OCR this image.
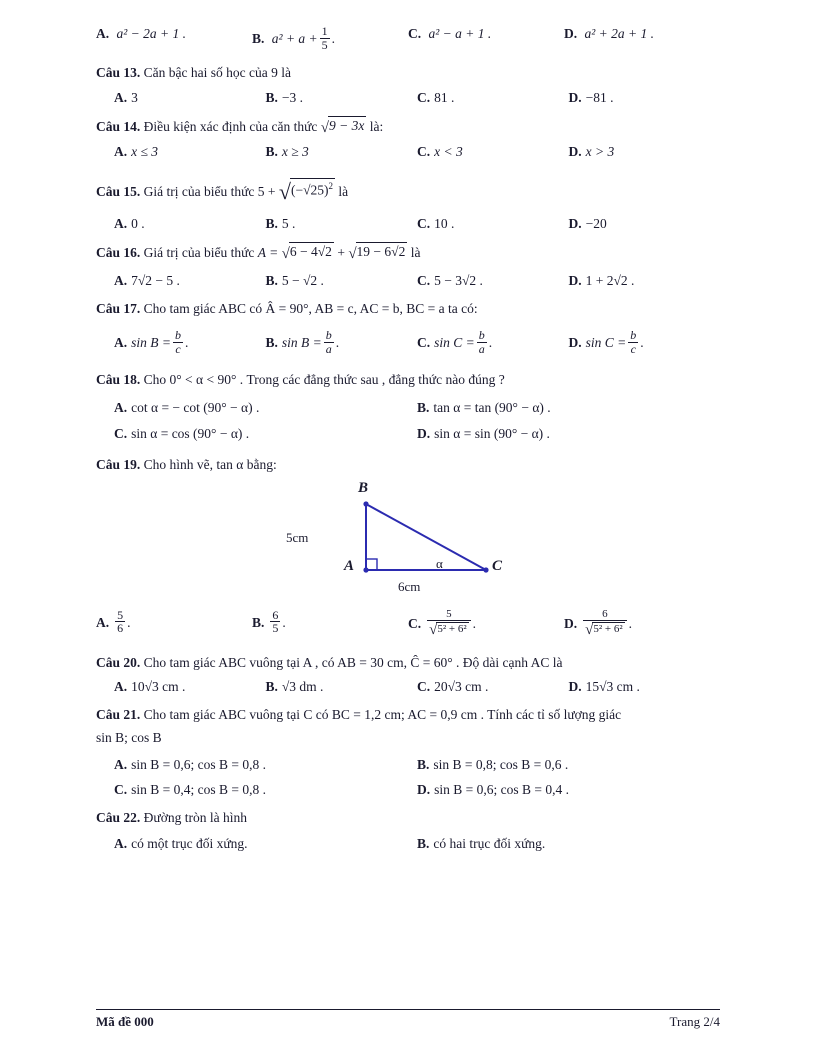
A. a² − 2a + 1 .	B. $a^2 + a + \frac{1}{5}$ .	C. a² − a + 1 .	D. a² + 2a + 1 .
Câu 13. Căn bậc hai số học của 9 là
A. 3	B. −3 .	C. 81 .	D. −81 .
Câu 14. Điều kiện xác định của căn thức √9 − 3x là:
A. x ≤ 3	B. x ≥ 3	C. x < 3	D. x > 3
Câu 15. Giá trị của biểu thức $5 + √(-√25)^2$ là
A. 0 .	B. 5 .	C. 10 .	D. −20
Câu 16. Giá trị của biểu thức A = √6 − 4√2 + √19 − 6√2 là
A. 7√2 − 5 .	B. 5 − √2 .	C. 5 − 3√2 .	D. 1 + 2√2 .
Câu 17. Cho tam giác ABC có Â = 90°, AB = c, AC = b, BC = a ta có:
A. $\sin B = \frac{b}{c}$ .	B. $\sin B = \frac{b}{a}$ .	C. $\sin C = \frac{b}{a}$ .	D. $\sin C = \frac{b}{c}$ .
Câu 18. Cho 0° < α < 90° . Trong các đẳng thức sau , đẳng thức nào đúng ?
A. cot α = − cot (90° − α) .	B. tan α = tan (90° − α) .
C. sin α = cos (90° − α) .	D. sin α = sin (90° − α) .
Câu 19. Cho hình vẽ, tan α bằng:
B
A	C
5cm
6cm
α
A. $\frac{5}{6}$ .	B. $\frac{6}{5}$ .	C. $\frac{5}{\text{√5² + 6²}}$ .	D. $\frac{6}{\text{√5² + 6²}}$ .
Câu 20. Cho tam giác ABC vuông tại A , có AB = 30 cm, Ĉ = 60° . Độ dài cạnh AC là
A. 10√3 cm .	B. √3 dm .	C. 20√3 cm .	D. 15√3 cm .
Câu 21. Cho tam giác ABC vuông tại C có BC = 1,2 cm; AC = 0,9 cm . Tính các tỉ số lượng giác
sin B; cos B
A. sin B = 0,6; cos B = 0,8 .	B. sin B = 0,8; cos B = 0,6 .
C. sin B = 0,4; cos B = 0,8 .	D. sin B = 0,6; cos B = 0,4 .
Câu 22. Đường tròn là hình
A. có một trục đối xứng.	B. có hai trục đối xứng.
Mã đề 000	Trang 2/4
